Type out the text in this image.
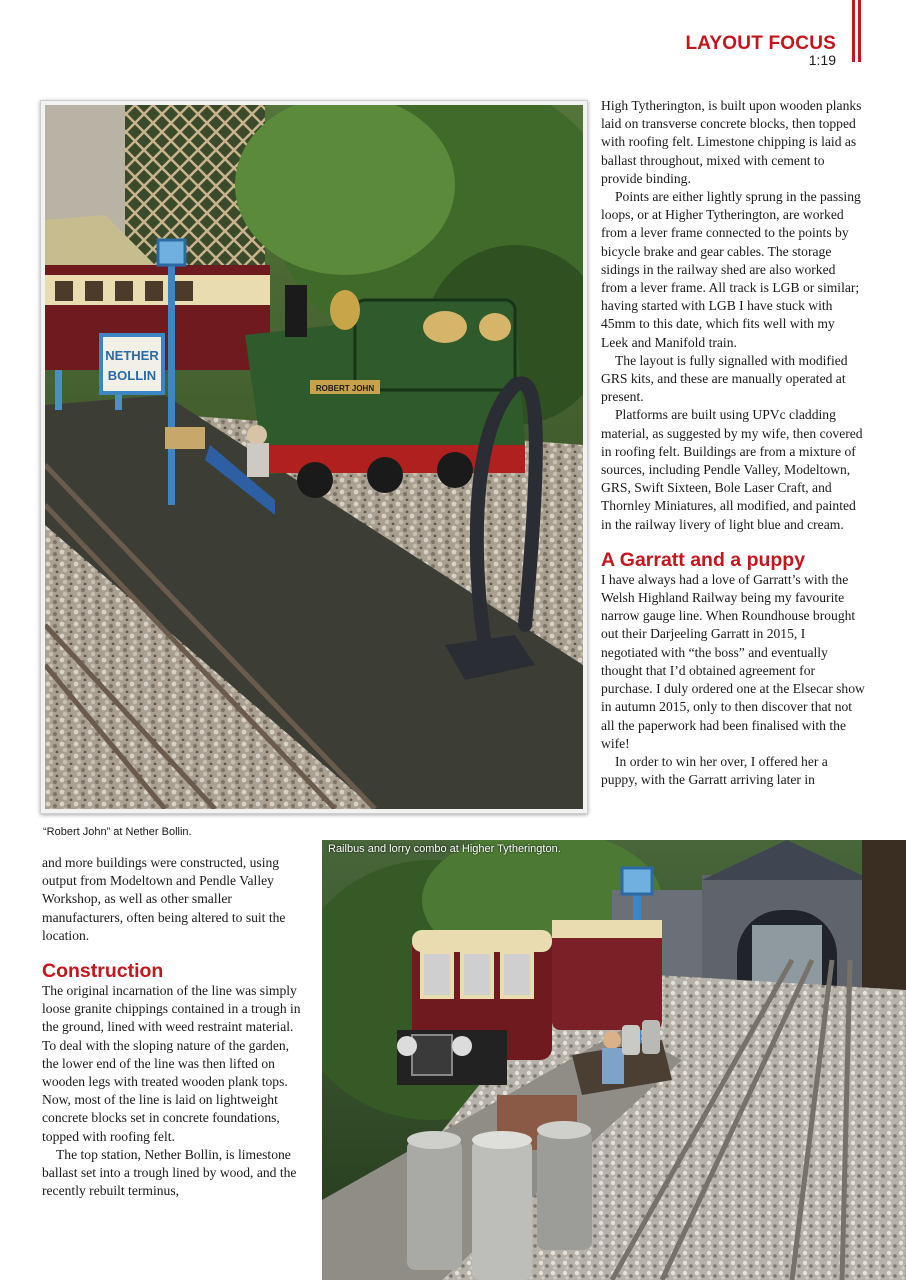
LAYOUT FOCUS
1:19
NETHER
BOLLIN
ROBERT JOHN
“Robert John” at Nether Bollin.
Railbus and lorry combo at Higher Tytherington.

High Tytherington, is built upon wooden planks laid on transverse concrete blocks, then topped with roofing felt. Limestone chipping is laid as ballast throughout, mixed with cement to provide binding.

Points are either lightly sprung in the passing loops, or at Higher Tytherington, are worked from a lever frame connected to the points by bicycle brake and gear cables. The storage sidings in the railway shed are also worked from a lever frame. All track is LGB or similar; having started with LGB I have stuck with 45mm to this date, which fits well with my Leek and Manifold train.

The layout is fully signalled with modified GRS kits, and these are manually operated at present.

Platforms are built using UPVc cladding material, as suggested by my wife, then covered in roofing felt. Buildings are from a mixture of sources, including Pendle Valley, Modeltown, GRS, Swift Sixteen, Bole Laser Craft, and Thornley Miniatures, all modified, and painted in the railway livery of light blue and cream.

A Garratt and a puppy

I have always had a love of Garratt’s with the Welsh Highland Railway being my favourite narrow gauge line. When Roundhouse brought out their Darjeeling Garratt in 2015, I negotiated with “the boss” and eventually thought that I’d obtained agreement for purchase. I duly ordered one at the Elsecar show in autumn 2015, only to then discover that not all the paperwork had been finalised with the wife!

In order to win her over, I offered her a puppy, with the Garratt arriving later in

and more buildings were constructed, using output from Modeltown and Pendle Valley Workshop, as well as other smaller manufacturers, often being altered to suit the location.

Construction

The original incarnation of the line was simply loose granite chippings contained in a trough in the ground, lined with weed restraint material. To deal with the sloping nature of the garden, the lower end of the line was then lifted on wooden legs with treated wooden plank tops. Now, most of the line is laid on lightweight concrete blocks set in concrete foundations, topped with roofing felt.

The top station, Nether Bollin, is limestone ballast set into a trough lined by wood, and the recently rebuilt terminus,
